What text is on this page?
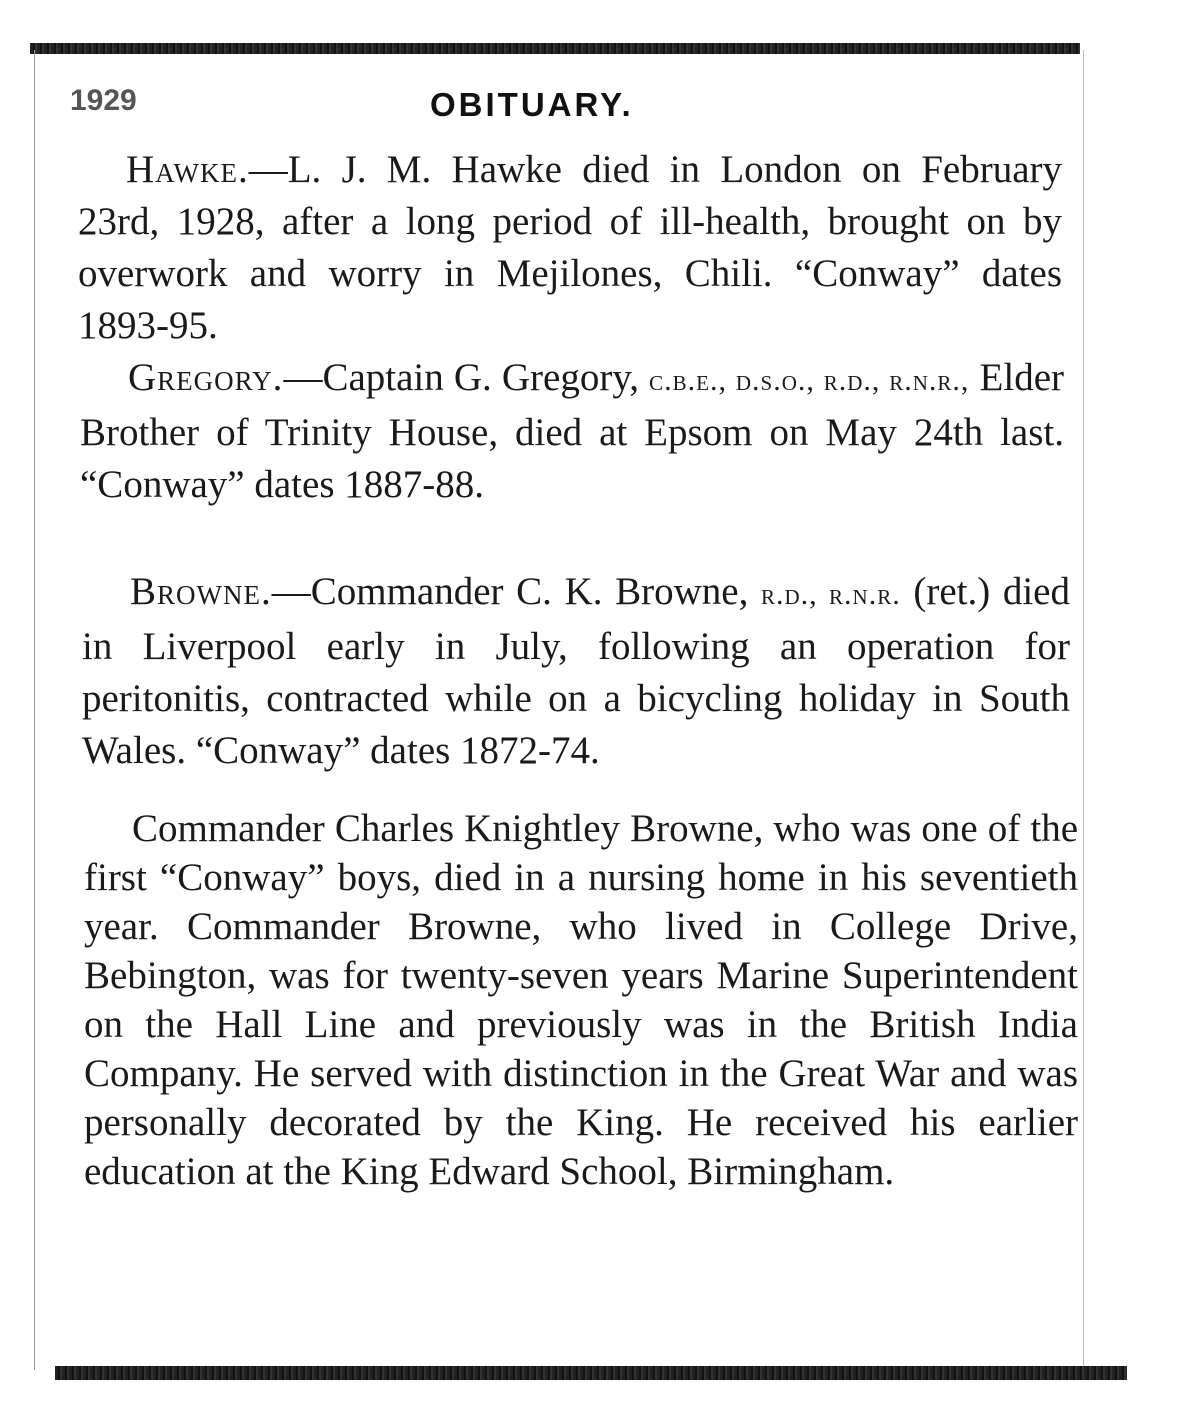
1929	OBITUARY.

Hawke.—L. J. M. Hawke died in London on February 23rd, 1928, after a long period of ill-health, brought on by overwork and worry in Mejilones, Chili. “Conway” dates 1893-95.

Gregory.—Captain G. Gregory, c.b.e., d.s.o., r.d., r.n.r., Elder Brother of Trinity House, died at Epsom on May 24th last. “Conway” dates 1887-88.

Browne.—Commander C. K. Browne, r.d., r.n.r. (ret.) died in Liverpool early in July, following an operation for peritonitis, contracted while on a bicycling holiday in South Wales. “Conway” dates 1872-74.

Commander Charles Knightley Browne, who was one of the first “Conway” boys, died in a nursing home in his seventieth year. Commander Browne, who lived in College Drive, Bebington, was for twenty-seven years Marine Superintendent on the Hall Line and previously was in the British India Company. He served with distinction in the Great War and was personally decorated by the King. He received his earlier education at the King Edward School, Birmingham.
